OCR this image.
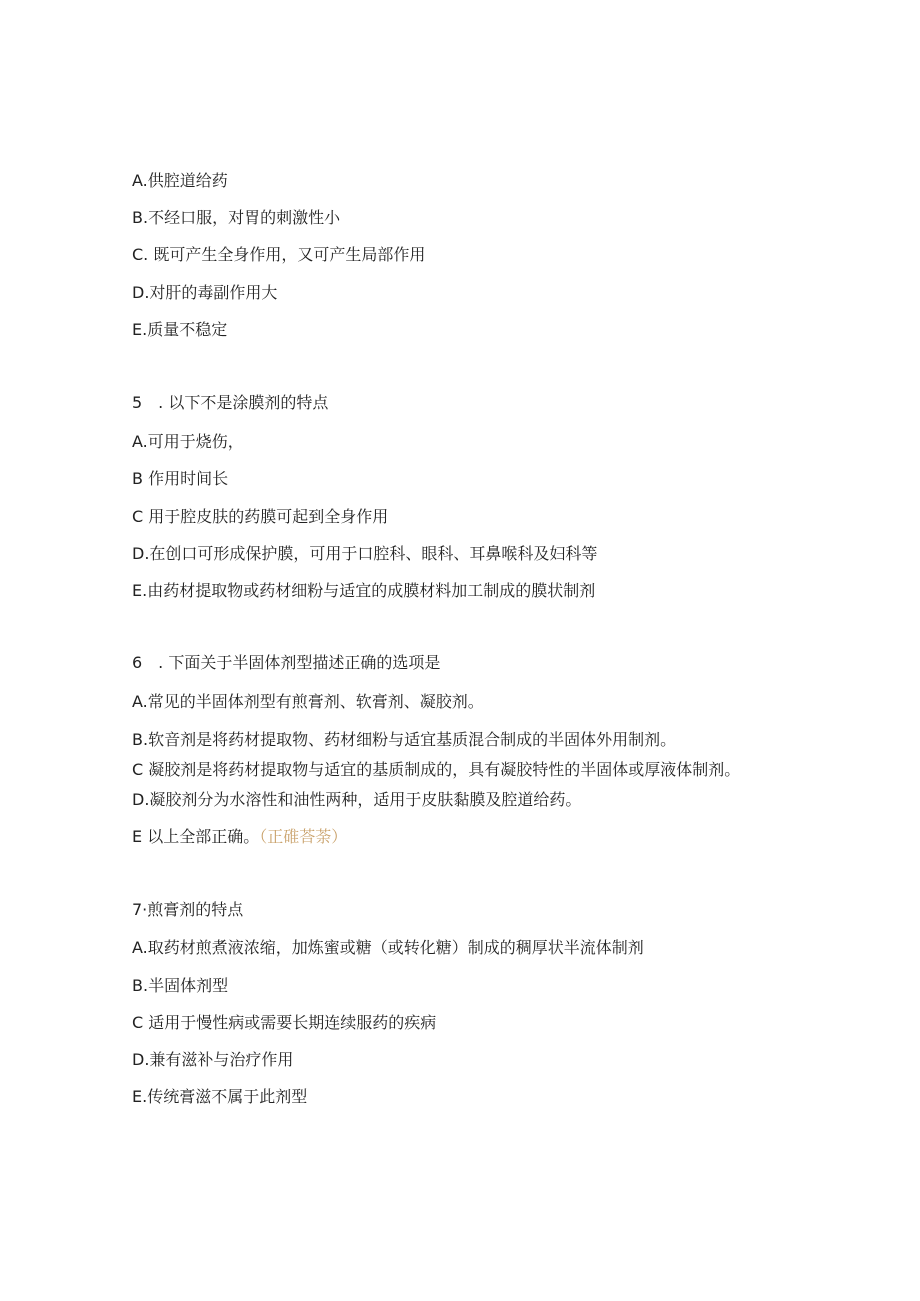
A.供腔道给药
B.不经口服，对胃的刺激性小
C. 既可产生全身作用，又可产生局部作用
D.对肝的毒副作用大
E.质量不稳定
5　. 以下不是涂膜剂的特点
A.可用于烧伤，
B 作用时间长
C 用于腔皮肤的药膜可起到全身作用
D.在创口可形成保护膜，可用于口腔科、眼科、耳鼻喉科及妇科等
E.由药材提取物或药材细粉与适宜的成膜材料加工制成的膜状制剂
6　. 下面关于半固体剂型描述正确的选项是
A.常见的半固体剂型有煎膏剂、软膏剂、凝胶剂。
B.软音剂是将药材提取物、药材细粉与适宜基质混合制成的半固体外用制剂。
C 凝胶剂是将药材提取物与适宜的基质制成的，具有凝胶特性的半固体或厚液体制剂。
D.凝胶剂分为水溶性和油性两种，适用于皮肤黏膜及腔道给药。
E 以上全部正确。（正碓荅荼）
7·煎膏剂的特点
A.取药材煎煮液浓缩，加炼蜜或糖（或转化糖）制成的稠厚状半流体制剂
B.半固体剂型
C 适用于慢性病或需要长期连续服药的疾病
D.兼有滋补与治疗作用
E.传统膏滋不属于此剂型
